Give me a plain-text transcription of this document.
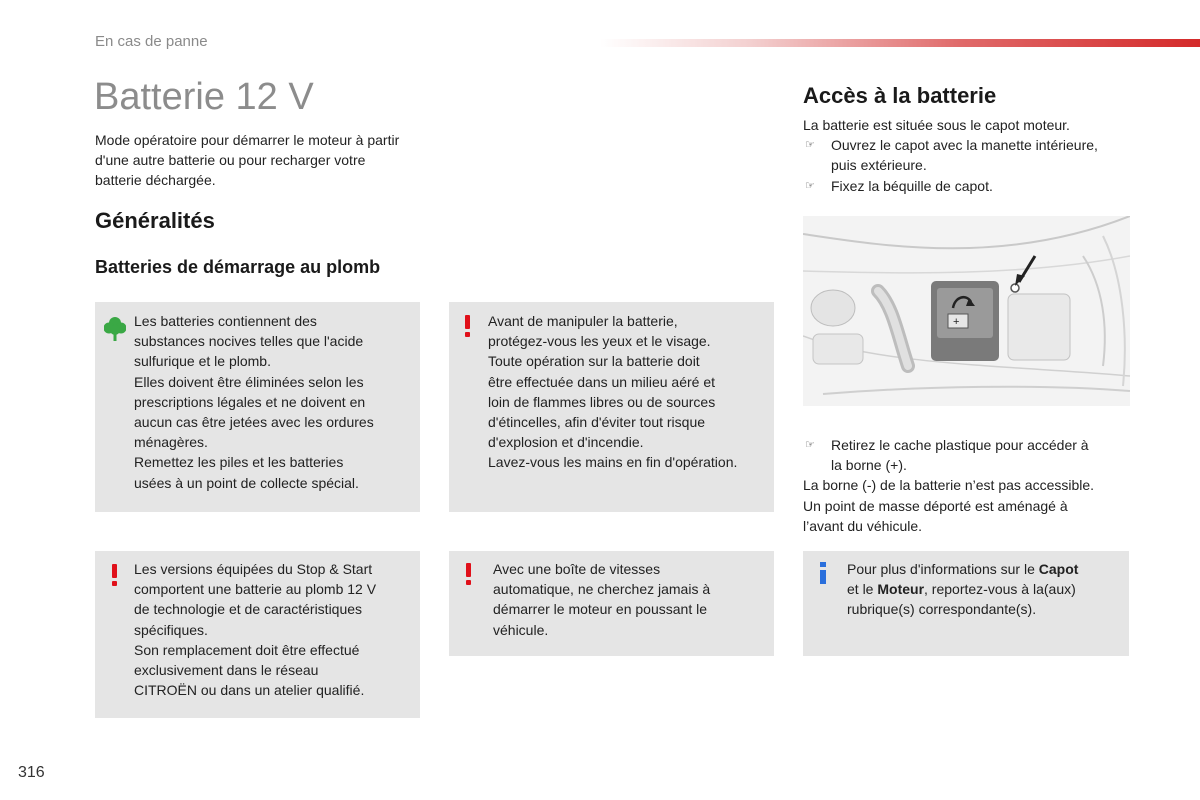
En cas de panne
Batterie 12 V

Mode opératoire pour démarrer le moteur à partir d'une autre batterie ou pour recharger votre batterie déchargée.

Généralités
Batteries de démarrage au plomb

Les batteries contiennent des

substances nocives telles que l'acide

sulfurique et le plomb.

Elles doivent être éliminées selon les

prescriptions légales et ne doivent en

aucun cas être jetées avec les ordures

ménagères.

Remettez les piles et les batteries

usées à un point de collecte spécial.

Avant de manipuler la batterie,

protégez-vous les yeux et le visage.

Toute opération sur la batterie doit

être effectuée dans un milieu aéré et

loin de flammes libres ou de sources

d'étincelles, afin d'éviter tout risque

d'explosion et d'incendie.

Lavez-vous les mains en fin d'opération.

Les versions équipées du Stop & Start

comportent une batterie au plomb 12 V

de technologie et de caractéristiques

spécifiques.

Son remplacement doit être effectué

exclusivement dans le réseau

CITROËN ou dans un atelier qualifié.

Avec une boîte de vitesses

automatique, ne cherchez jamais à

démarrer le moteur en poussant le

véhicule.

Accès à la batterie

La batterie est située sous le capot moteur.

☞ Ouvrez le capot avec la manette intérieure,

puis extérieure.

☞ Fixez la béquille de capot.

+
☞ Retirez le cache plastique pour accéder à

la borne (+).

La borne (-) de la batterie n’est pas accessible.

Un point de masse déporté est aménagé à

l’avant du véhicule.

Pour plus d'informations sur le Capot

et le Moteur, reportez-vous à la(aux)

rubrique(s) correspondante(s).

316
